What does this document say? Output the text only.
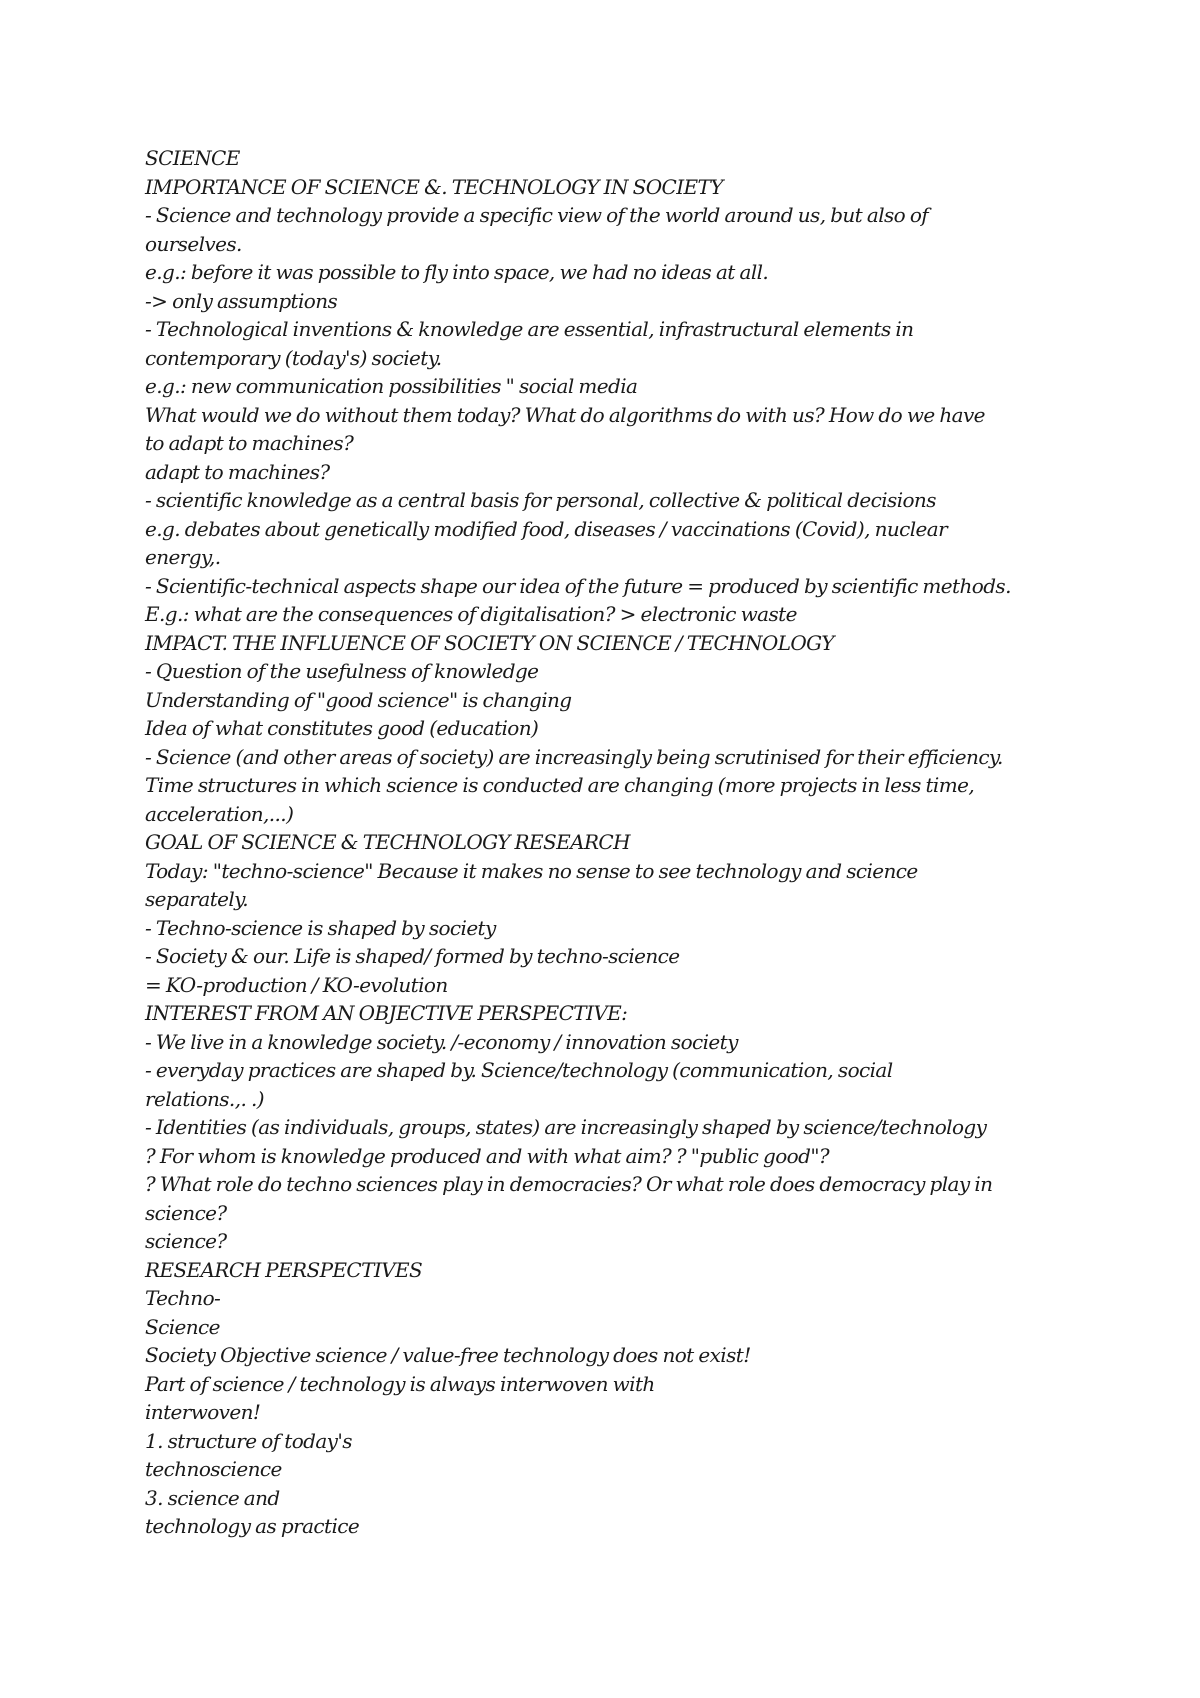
SCIENCE

IMPORTANCE OF SCIENCE &. TECHNOLOGY IN SOCIETY

- Science and technology provide a specific view of the world around us, but also of

ourselves.

e.g.: before it was possible to fly into space, we had no ideas at all.

-> only assumptions

- Technological inventions & knowledge are essential, infrastructural elements in

contemporary (today's) society.

e.g.: new communication possibilities " social media

What would we do without them today? What do algorithms do with us? How do we have

to adapt to machines?

adapt to machines?

- scientific knowledge as a central basis for personal, collective & political decisions

e.g. debates about genetically modified food, diseases / vaccinations (Covid), nuclear

energy,.

- Scientific-technical aspects shape our idea of the future = produced by scientific methods.

E.g.: what are the consequences of digitalisation? > electronic waste

IMPACT. THE INFLUENCE OF SOCIETY ON SCIENCE / TECHNOLOGY

- Question of the usefulness of knowledge

Understanding of "good science" is changing

Idea of what constitutes good (education)

- Science (and other areas of society) are increasingly being scrutinised for their efficiency.

Time structures in which science is conducted are changing (more projects in less time,

acceleration,...)

GOAL OF SCIENCE & TECHNOLOGY RESEARCH

Today: "techno-science" Because it makes no sense to see technology and science

separately.

- Techno-science is shaped by society

- Society & our. Life is shaped/ formed by techno-science

= KO-production / KO-evolution

INTEREST FROM AN OBJECTIVE PERSPECTIVE:

- We live in a knowledge society. /-economy / innovation society

- everyday practices are shaped by. Science/technology (communication, social

relations.,. .)

- Identities (as individuals, groups, states) are increasingly shaped by science/technology

? For whom is knowledge produced and with what aim? ? "public good"?

? What role do techno sciences play in democracies? Or what role does democracy play in

science?

science?

RESEARCH PERSPECTIVES

Techno-

Science

Society Objective science / value-free technology does not exist!

Part of science / technology is always interwoven with

interwoven!

1. structure of today's

technoscience

3. science and

technology as practice
